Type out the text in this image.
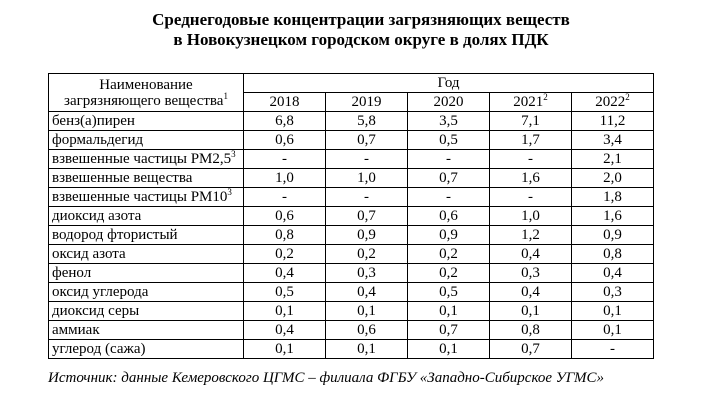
Среднегодовые концентрации загрязняющих веществ
в Новокузнецком городском округе в долях ПДК
Наименование
загрязняющего вещества$^1$	Год				
	2018	2019	2020	2021$^2$	2022$^2$
бенз(а)пирен	6,8	5,8	3,5	7,1	11,2
формальдегид	0,6	0,7	0,5	1,7	3,4
взвешенные частицы $РМ2,5^3$	-	-	-	-	2,1
взвешенные вещества	1,0	1,0	0,7	1,6	2,0
взвешенные частицы $РМ10^3$	-	-	-	-	1,8
диоксид азота	0,6	0,7	0,6	1,0	1,6
водород фтористый	0,8	0,9	0,9	1,2	0,9
оксид азота	0,2	0,2	0,2	0,4	0,8
фенол	0,4	0,3	0,2	0,3	0,4
оксид углерода	0,5	0,4	0,5	0,4	0,3
диоксид серы	0,1	0,1	0,1	0,1	0,1
аммиак	0,4	0,6	0,7	0,8	0,1
углерод (сажа)	0,1	0,1	0,1	0,7	-
Источник: данные Кемеровского ЦГМС – филиала ФГБУ «Западно-Сибирское УГМС»
